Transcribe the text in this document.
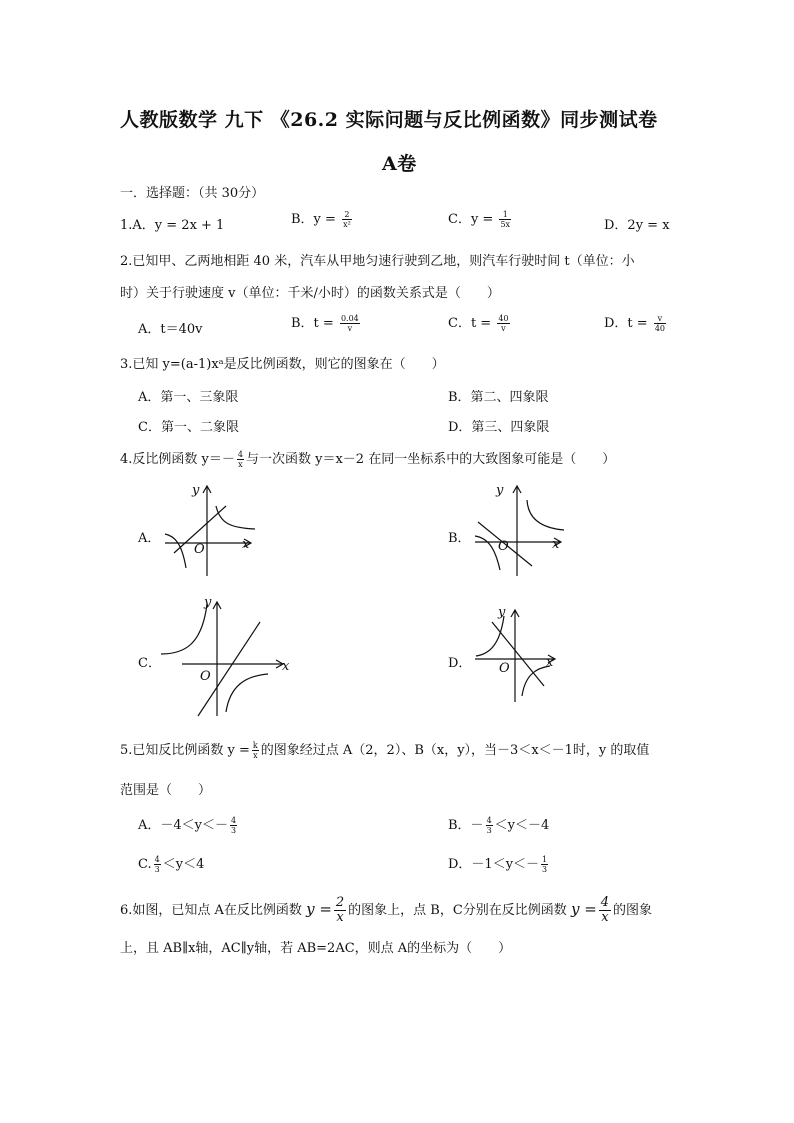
人教版数学 九下 《26.2 实际问题与反比例函数》同步测试卷
A卷
一．选择题：（共 30分）
1.A．y = 2x + 1	B．$y = \frac{2}{\text{x²}}$	C．$y = \frac{1}{5x}$	D．2y = x
2.已知甲、乙两地相距 40 米，汽车从甲地匀速行驶到乙地，则汽车行驶时间 t（单位：小
时）关于行驶速度 v（单位：千米/小时）的函数关系式是（　　）
A．t＝40v	B．$t = \frac{0.04}{v}$	C．$t = \frac{40}{v}$	D．$t = \frac{v}{40}$
3.已知 y=(a-1)xᵃ是反比例函数，则它的图象在（　　）
A．第一、三象限	B．第二、四象限
C．第一、二象限	D．第三、四象限
4.反比例函数 $y=- \frac{4}{x}$ 与一次函数 y＝x－2 在同一坐标系中的大致图象可能是（　　）
A．	B．
C．	D．
O	x
y
O	x
y
O
x
y
O	x
y
5.已知反比例函数 $y = \frac{k}{x}$ 的图象经过点 A（2，2）、B（x，y），当－3＜x＜－1时，y 的取值
范围是（　　）
A．$-4<y<- \frac{4}{3}$	B．－ $\frac{4}{3} <y<-4$
C. $\frac{4}{3} <y<4$	D．$-1<y<- \frac{1}{3}$
6.如图，已知点 A在反比例函数 $y = \frac{2}{x}$ 的图象上，点 B，C分别在反比例函数 $y = \frac{4}{x}$ 的图象
上，且 AB∥x轴，AC∥y轴，若 AB=2AC，则点 A的坐标为（　　）
